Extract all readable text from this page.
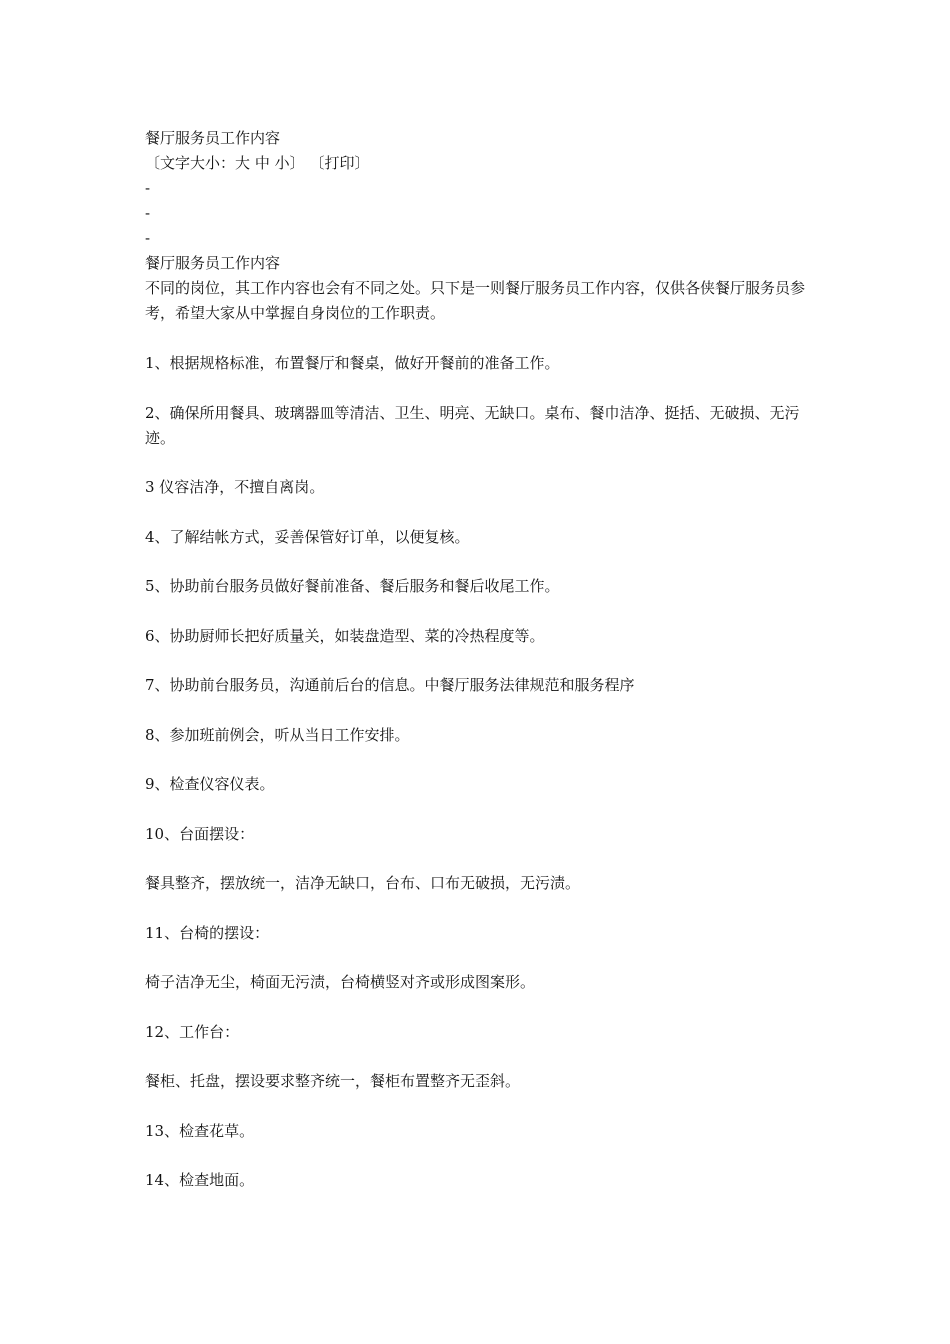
餐厅服务员工作内容
〔文字大小：大 中 小〕 〔打印〕
-
-
-
餐厅服务员工作内容
不同的岗位，其工作内容也会有不同之处。只下是一则餐厅服务员工作内容，仅供各侠餐厅服务员参考，希望大家从中掌握自身岗位的工作职责。
1、根据规格标准，布置餐厅和餐桌，做好开餐前的准备工作。
2、确保所用餐具、玻璃器皿等清洁、卫生、明亮、无缺口。桌布、餐巾洁净、挺括、无破损、无污迹。
3 仪容洁净，不擅自离岗。
4、了解结帐方式，妥善保管好订单，以便复核。
5、协助前台服务员做好餐前准备、餐后服务和餐后收尾工作。
6、协助厨师长把好质量关，如装盘造型、菜的冷热程度等。
7、协助前台服务员，沟通前后台的信息。中餐厅服务法律规范和服务程序
8、参加班前例会，听从当日工作安排。
9、检查仪容仪表。
10、台面摆设：
餐具整齐，摆放统一，洁净无缺口，台布、口布无破损，无污渍。
11、台椅的摆设：
椅子洁净无尘，椅面无污渍，台椅横竖对齐或形成图案形。
12、工作台：
餐柜、托盘，摆设要求整齐统一，餐柜布置整齐无歪斜。
13、检查花草。
14、检查地面。
